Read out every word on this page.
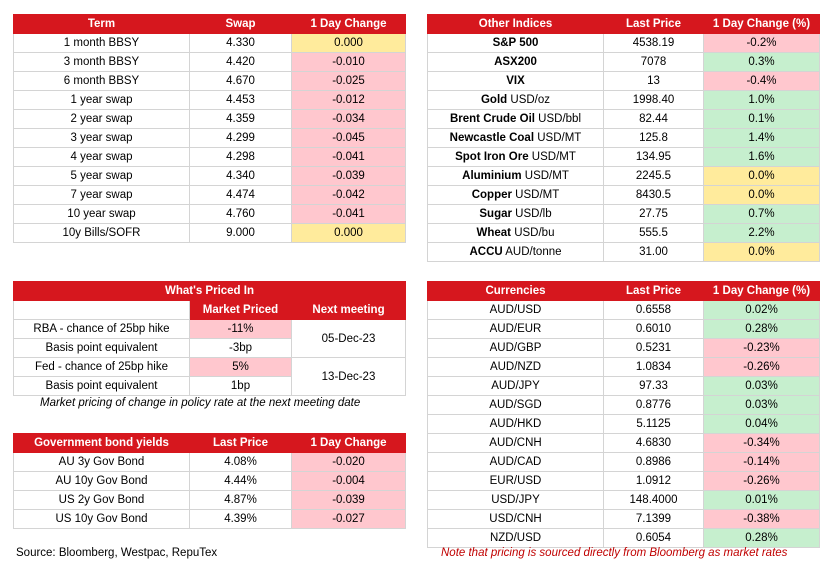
Term	Swap	1 Day Change
1 month BBSY	4.330	0.000
3 month BBSY	4.420	-0.010
6 month BBSY	4.670	-0.025
1 year swap	4.453	-0.012
2 year swap	4.359	-0.034
3 year swap	4.299	-0.045
4 year swap	4.298	-0.041
5 year swap	4.340	-0.039
7 year swap	4.474	-0.042
10 year swap	4.760	-0.041
10y Bills/SOFR	9.000	0.000
Other Indices	Last Price	1 Day Change (%)
S&P 500	4538.19	-0.2%
ASX200	7078	0.3%
VIX	13	-0.4%
Gold USD/oz	1998.40	1.0%
Brent Crude Oil USD/bbl	82.44	0.1%
Newcastle Coal USD/MT	125.8	1.4%
Spot Iron Ore USD/MT	134.95	1.6%
Aluminium USD/MT	2245.5	0.0%
Copper USD/MT	8430.5	0.0%
Sugar USD/lb	27.75	0.7%
Wheat USD/bu	555.5	2.2%
ACCU AUD/tonne	31.00	0.0%
What's Priced In		
	Market Priced	Next meeting
RBA - chance of 25bp hike	-11%	05-Dec-23
Basis point equivalent	-3bp	
Fed - chance of 25bp hike	5%	13-Dec-23
Basis point equivalent	1bp	
Market pricing of change in policy rate at the next meeting date
Government bond yields	Last Price	1 Day Change
AU 3y Gov Bond	4.08%	-0.020
AU 10y Gov Bond	4.44%	-0.004
US 2y Gov Bond	4.87%	-0.039
US 10y Gov Bond	4.39%	-0.027
Currencies	Last Price	1 Day Change (%)
AUD/USD	0.6558	0.02%
AUD/EUR	0.6010	0.28%
AUD/GBP	0.5231	-0.23%
AUD/NZD	1.0834	-0.26%
AUD/JPY	97.33	0.03%
AUD/SGD	0.8776	0.03%
AUD/HKD	5.1125	0.04%
AUD/CNH	4.6830	-0.34%
AUD/CAD	0.8986	-0.14%
EUR/USD	1.0912	-0.26%
USD/JPY	148.4000	0.01%
USD/CNH	7.1399	-0.38%
NZD/USD	0.6054	0.28%
Source: Bloomberg, Westpac, RepuTex	Note that pricing is sourced directly from Bloomberg as market rates
